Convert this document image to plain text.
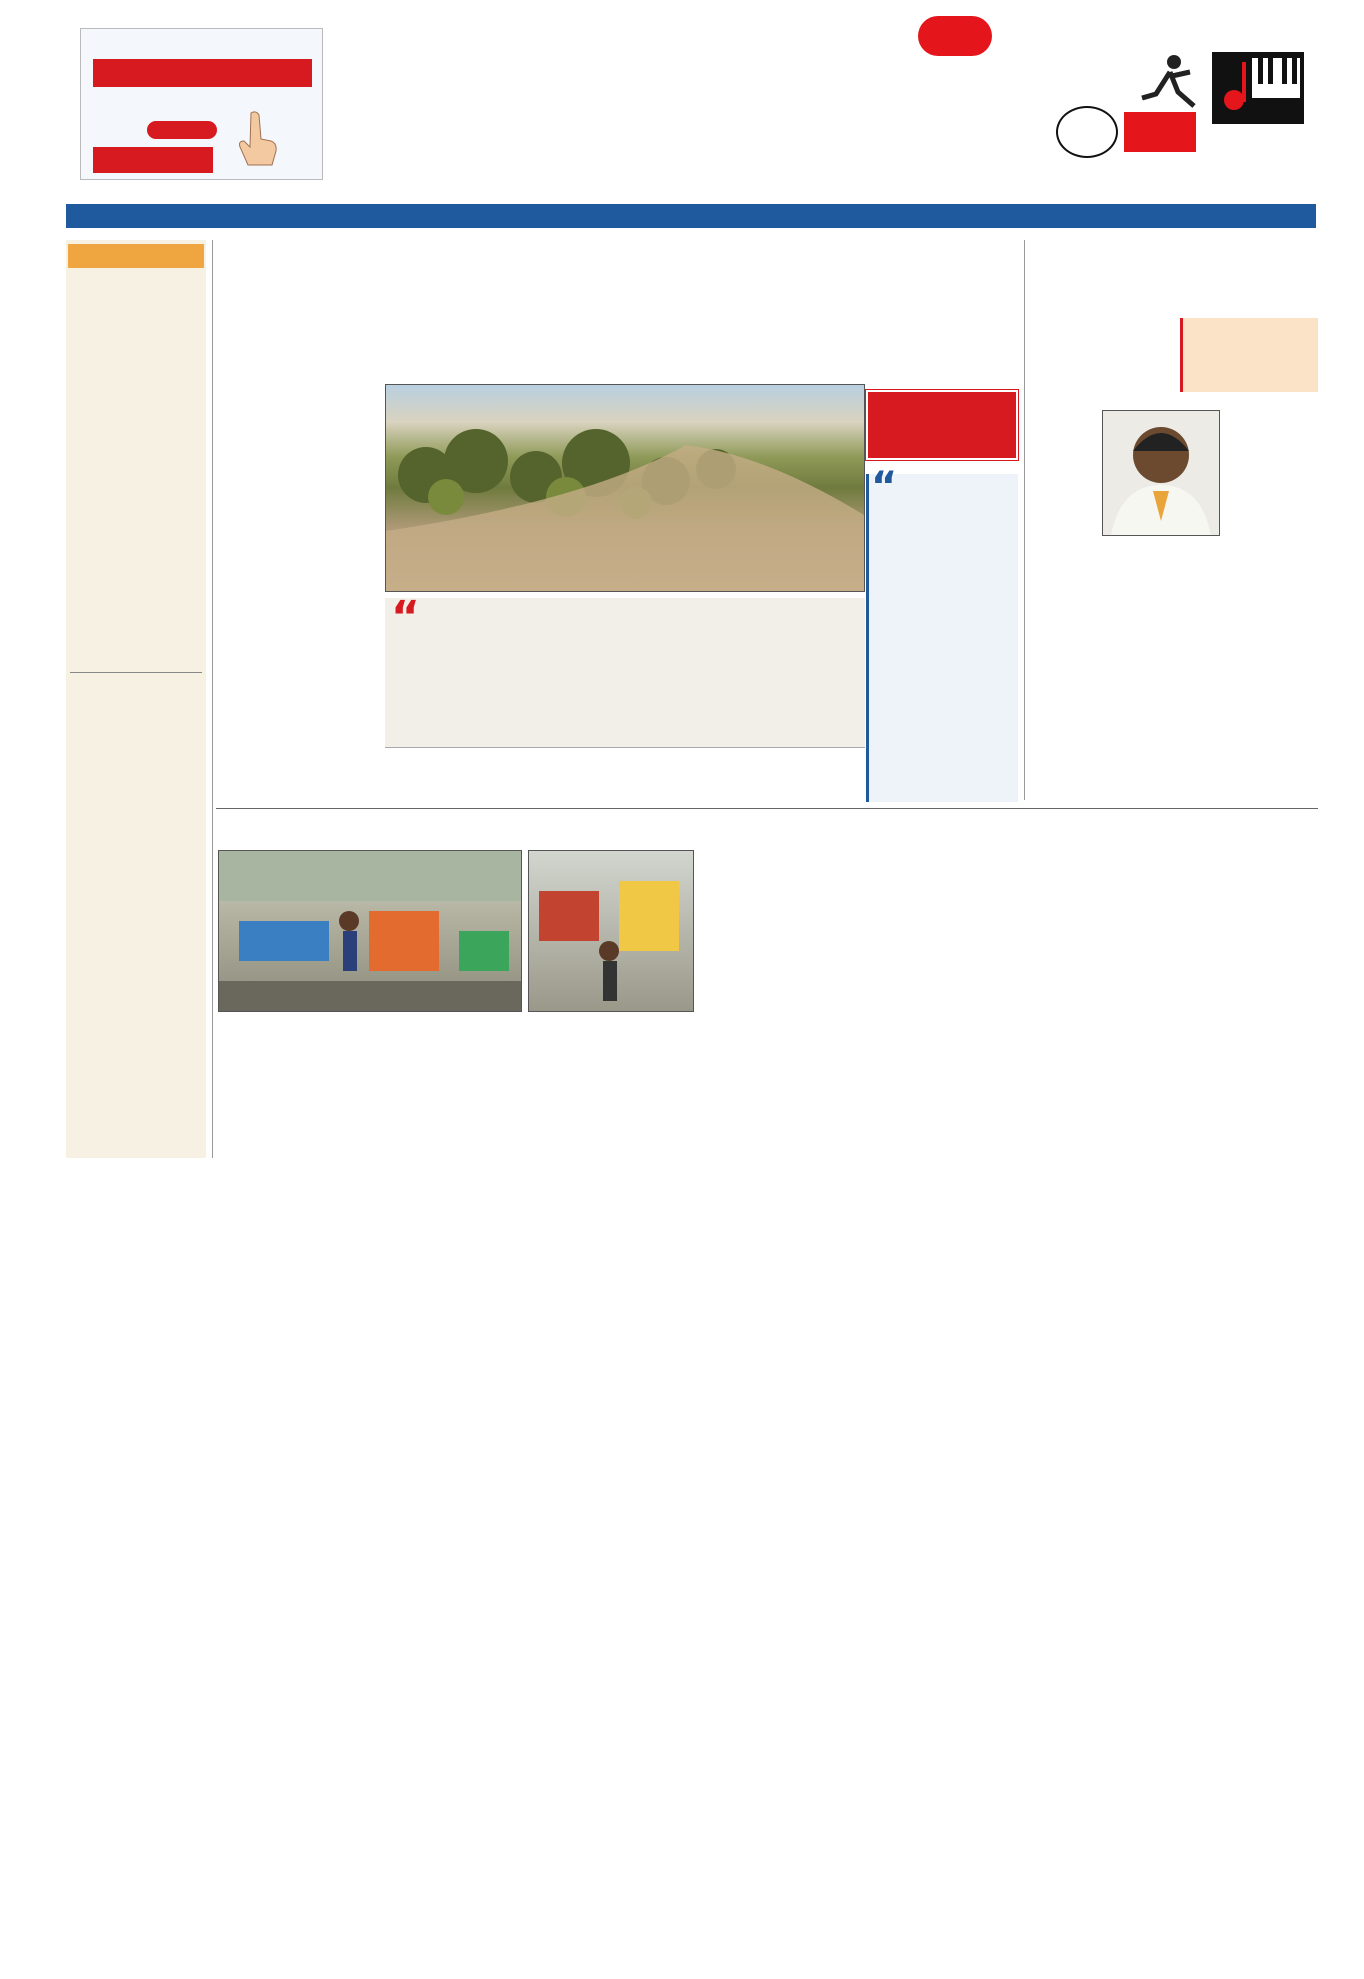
“
“
